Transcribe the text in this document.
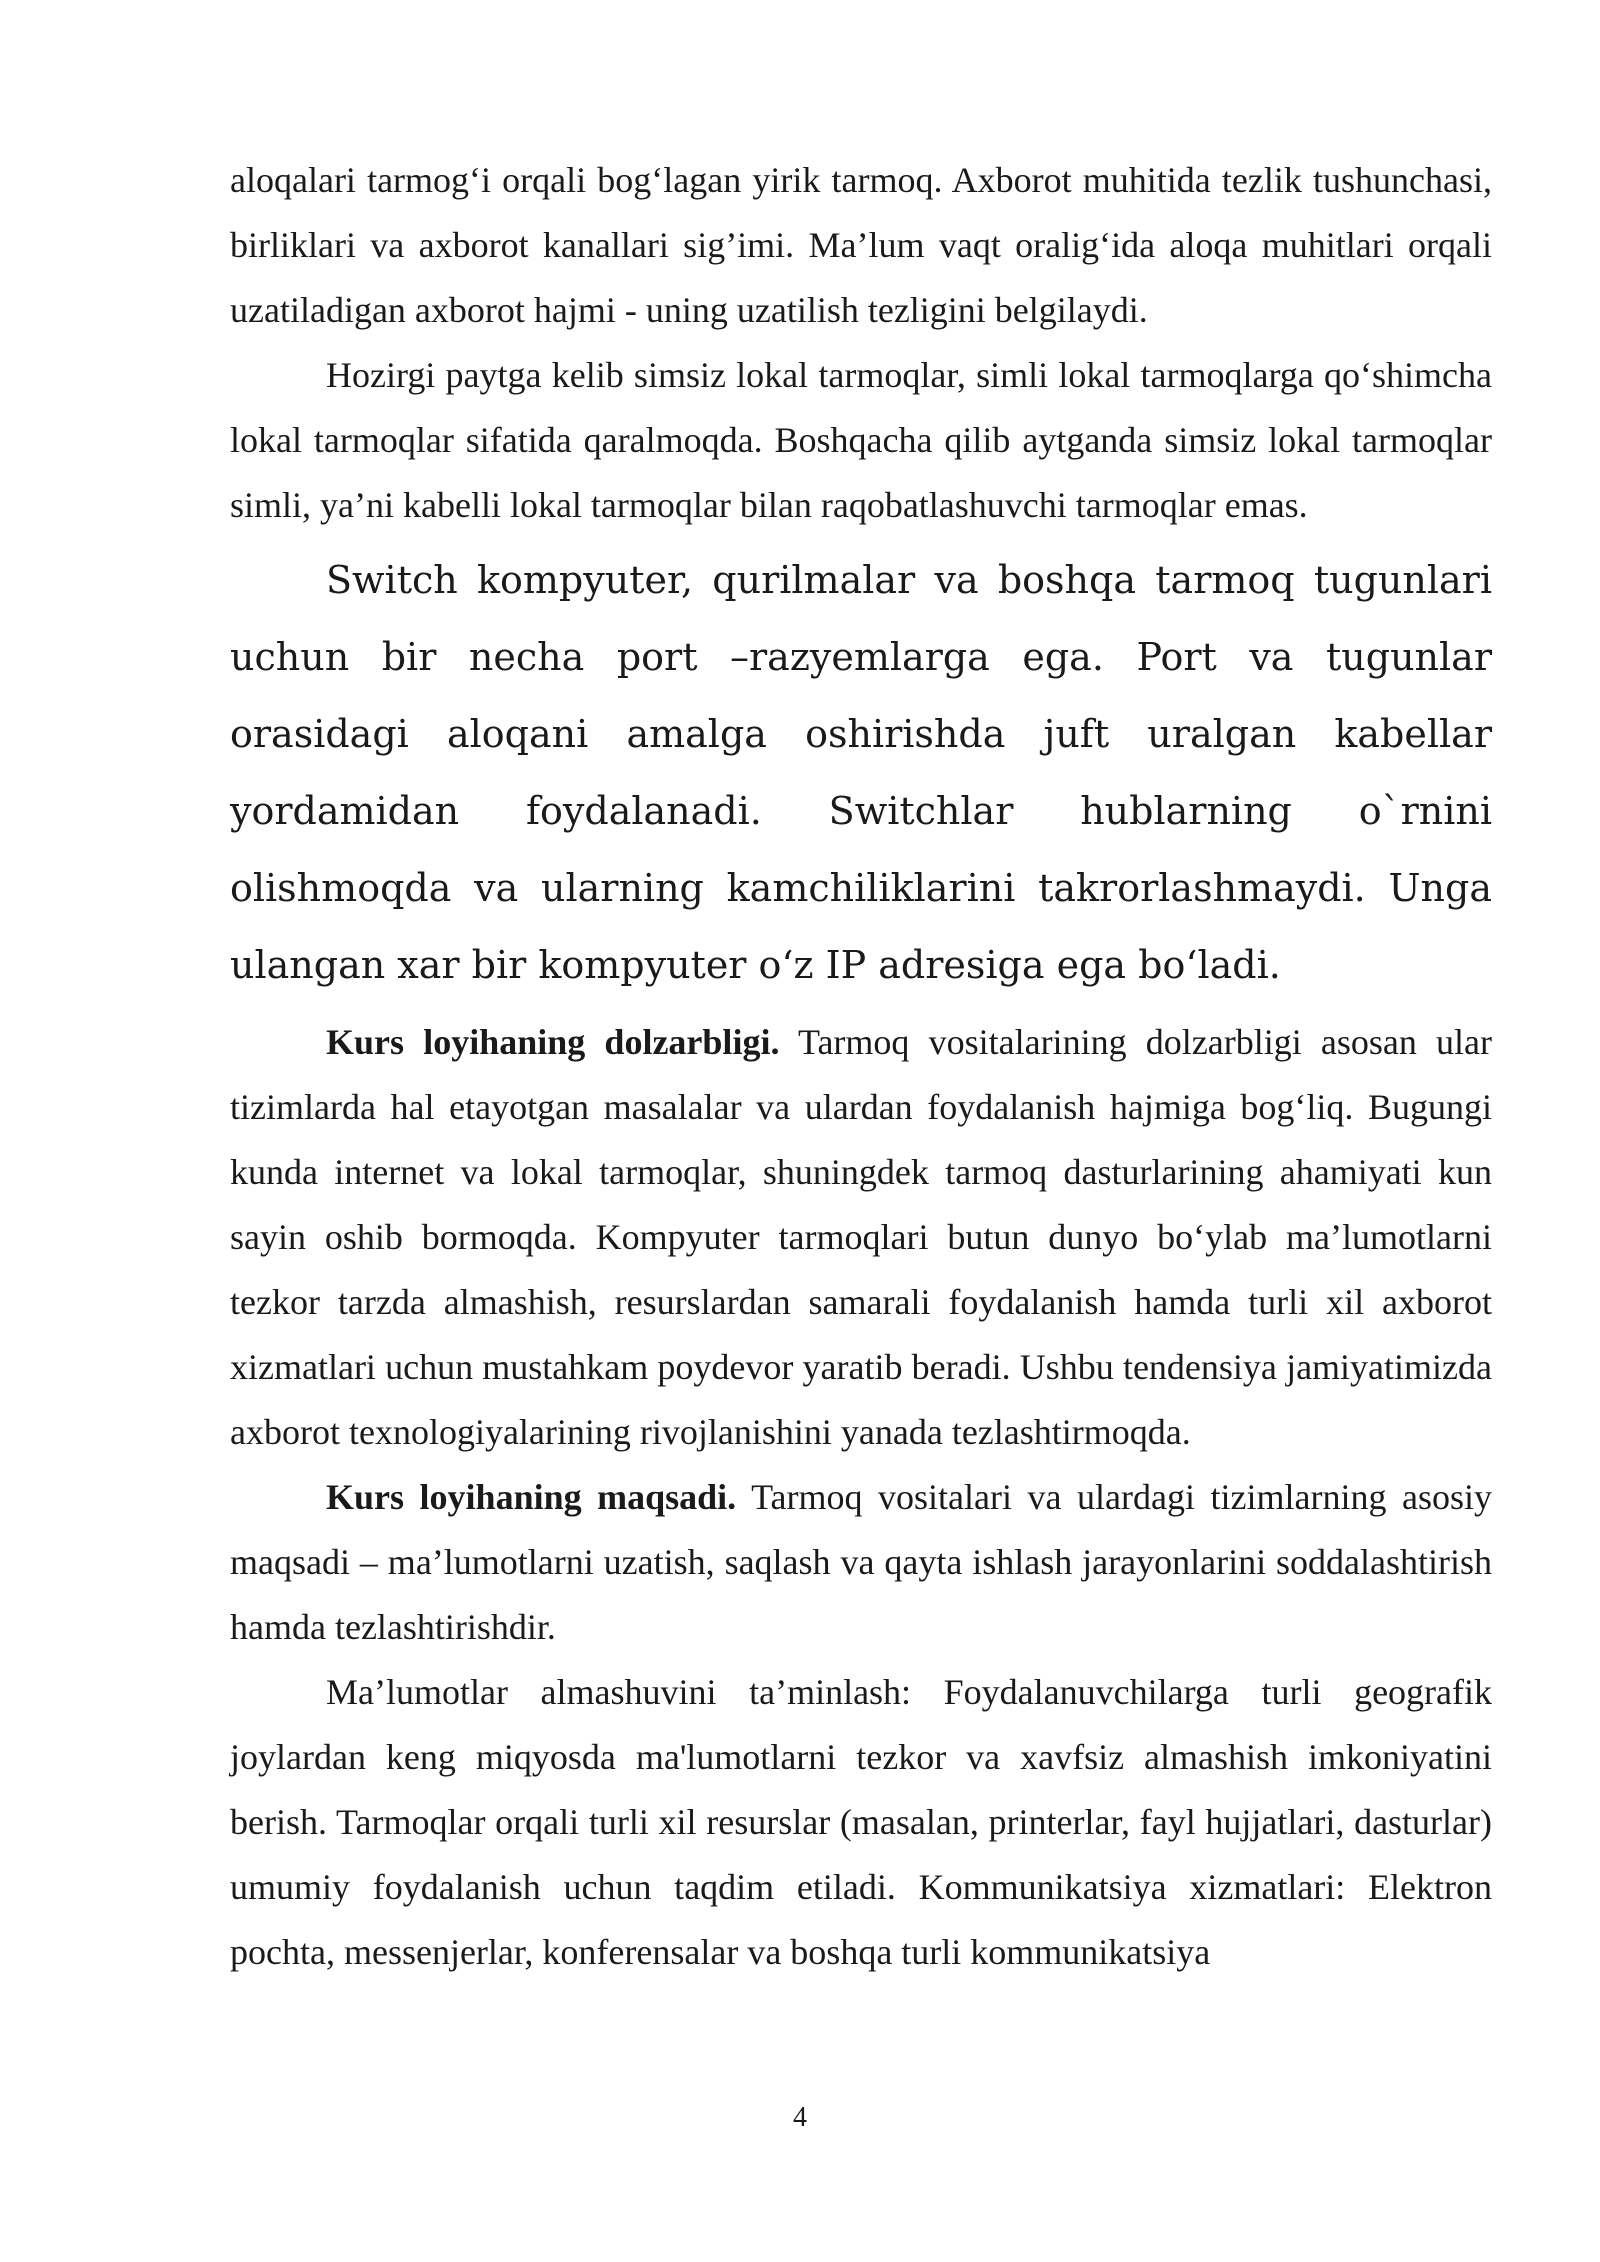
aloqalari tarmog‘i orqali bog‘lagan yirik tarmoq. Axborot muhitida tezlik tushunchasi, birliklari va axborot kanallari sig’imi. Ma’lum vaqt oralig‘ida aloqa muhitlari orqali uzatiladigan axborot hajmi - uning uzatilish tezligini belgilaydi.

Hozirgi paytga kelib simsiz lokal tarmoqlar, simli lokal tarmoqlarga qo‘shimcha lokal tarmoqlar sifatida qaralmoqda. Boshqacha qilib aytganda simsiz lokal tarmoqlar simli, ya’ni kabelli lokal tarmoqlar bilan raqobatlashuvchi tarmoqlar emas.

Switch kompyuter, qurilmalar va boshqa tarmoq tugunlari uchun bir necha port –razyemlarga ega. Port va tugunlar orasidagi aloqani amalga oshirishda juft uralgan kabellar yordamidan foydalanadi. Switchlar hublarning o`rnini olishmoqda va ularning kamchiliklarini takrorlashmaydi. Unga ulangan xar bir kompyuter o‘z IP adresiga ega bo‘ladi.

Kurs loyihaning dolzarbligi. Tarmoq vositalarining dolzarbligi asosan ular tizimlarda hal etayotgan masalalar va ulardan foydalanish hajmiga bog‘liq. Bugungi kunda internet va lokal tarmoqlar, shuningdek tarmoq dasturlarining ahamiyati kun sayin oshib bormoqda. Kompyuter tarmoqlari butun dunyo bo‘ylab ma’lumotlarni tezkor tarzda almashish, resurslardan samarali foydalanish hamda turli xil axborot xizmatlari uchun mustahkam poydevor yaratib beradi. Ushbu tendensiya jamiyatimizda axborot texnologiyalarining rivojlanishini yanada tezlashtirmoqda.

Kurs loyihaning maqsadi. Tarmoq vositalari va ulardagi tizimlarning asosiy maqsadi – ma’lumotlarni uzatish, saqlash va qayta ishlash jarayonlarini soddalashtirish hamda tezlashtirishdir.

Ma’lumotlar almashuvini ta’minlash: Foydalanuvchilarga turli geografik joylardan keng miqyosda ma'lumotlarni tezkor va xavfsiz almashish imkoniyatini berish. Tarmoqlar orqali turli xil resurslar (masalan, printerlar, fayl hujjatlari, dasturlar) umumiy foydalanish uchun taqdim etiladi. Kommunikatsiya xizmatlari: Elektron pochta, messenjerlar, konferensalar va boshqa turli kommunikatsiya

4
